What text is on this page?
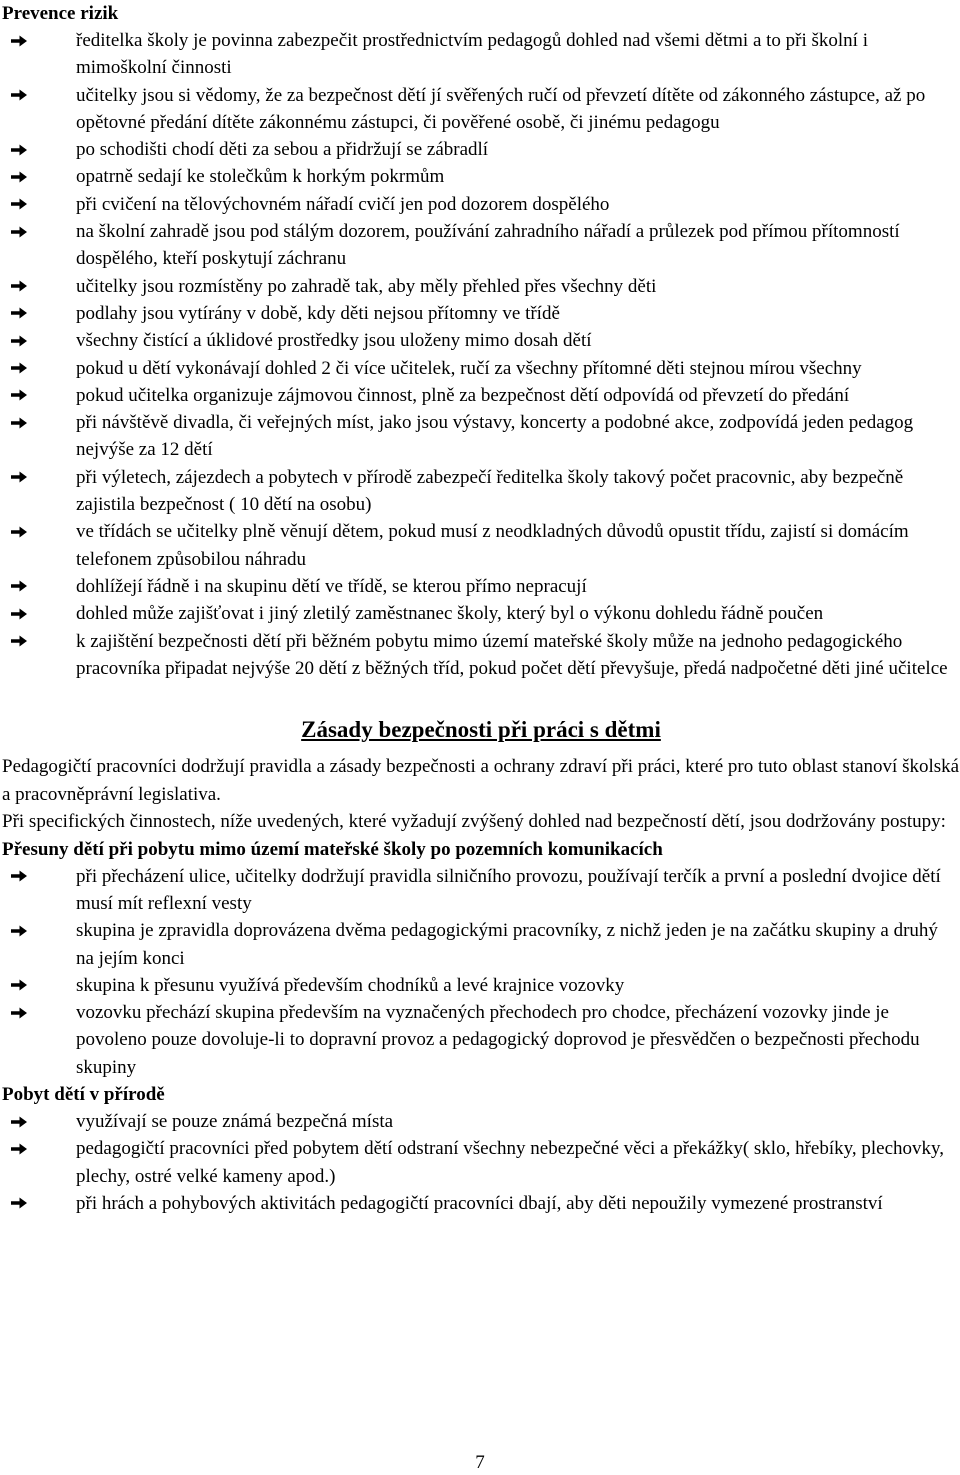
Prevence rizik

ředitelka školy je povinna zabezpečit prostřednictvím pedagogů dohled nad všemi dětmi a to při školní i mimoškolní činnosti
učitelky jsou si vědomy, že za bezpečnost dětí jí svěřených ručí od převzetí dítěte od zákonného zástupce, až po opětovné předání dítěte zákonnému zástupci, či pověřené osobě, či jinému pedagogu
po schodišti chodí děti za sebou a přidržují se zábradlí
opatrně sedají ke stolečkům k horkým pokrmům
při cvičení na tělovýchovném nářadí cvičí jen pod dozorem dospělého
na školní zahradě jsou pod stálým dozorem, používání zahradního nářadí a průlezek pod přímou přítomností dospělého, kteří poskytují záchranu
učitelky jsou rozmístěny po zahradě tak, aby měly přehled přes všechny děti
podlahy jsou vytírány v době, kdy děti nejsou přítomny ve třídě
všechny čistící a úklidové prostředky jsou uloženy mimo dosah dětí
pokud u dětí vykonávají dohled 2 či více učitelek, ručí za všechny přítomné děti stejnou mírou všechny
pokud učitelka organizuje zájmovou činnost, plně za bezpečnost dětí odpovídá od převzetí do předání
při návštěvě divadla, či veřejných míst, jako jsou výstavy, koncerty a podobné akce, zodpovídá jeden pedagog nejvýše za 12 dětí
při výletech, zájezdech a pobytech v přírodě zabezpečí ředitelka školy takový počet pracovnic, aby bezpečně zajistila bezpečnost ( 10 dětí na osobu)
ve třídách se učitelky plně věnují dětem, pokud musí z neodkladných důvodů opustit třídu, zajistí si domácím telefonem způsobilou náhradu
dohlížejí řádně i na skupinu dětí ve třídě, se kterou přímo nepracují
dohled může zajišťovat i jiný zletilý zaměstnanec školy, který byl o výkonu dohledu řádně poučen
k zajištění bezpečnosti dětí při běžném pobytu mimo území mateřské školy může na jednoho pedagogického pracovníka připadat nejvýše 20 dětí z běžných tříd, pokud počet dětí převyšuje, předá nadpočetné děti jiné učitelce
Zásady bezpečnosti při práci s dětmi

Pedagogičtí pracovníci dodržují pravidla a zásady bezpečnosti a ochrany zdraví při práci, které pro tuto oblast stanoví školská a pracovněprávní legislativa.

Při specifických činnostech, níže uvedených, které vyžadují zvýšený dohled nad bezpečností dětí, jsou dodržovány postupy:

Přesuny dětí při pobytu mimo území mateřské školy po pozemních komunikacích

při přecházení ulice, učitelky dodržují pravidla silničního provozu, používají terčík a první a poslední dvojice dětí musí mít reflexní vesty
skupina je zpravidla doprovázena dvěma pedagogickými pracovníky, z nichž jeden je na začátku skupiny a druhý na jejím konci
skupina k přesunu využívá především chodníků a levé krajnice vozovky
vozovku přechází skupina především na vyznačených přechodech pro chodce, přecházení vozovky jinde je povoleno pouze dovoluje-li to dopravní provoz a pedagogický doprovod je přesvědčen o bezpečnosti přechodu skupiny

Pobyt dětí v přírodě

využívají se pouze známá bezpečná místa
pedagogičtí pracovníci před pobytem dětí odstraní všechny nebezpečné věci a překážky( sklo, hřebíky, plechovky, plechy, ostré velké kameny apod.)
při hrách a pohybových aktivitách pedagogičtí pracovníci dbají, aby děti nepoužily vymezené prostranství
7
